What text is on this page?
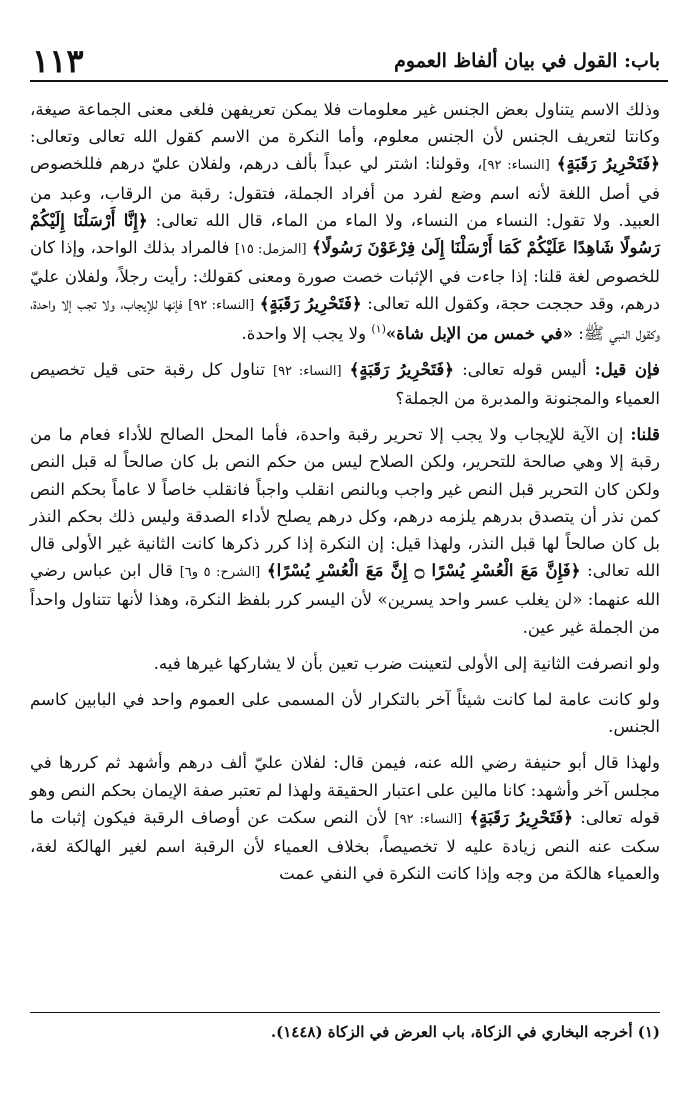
باب: القول في بيان ألفاظ العموم
١١٣

وذلك الاسم يتناول بعض الجنس غير معلومات فلا يمكن تعريفهن فلغى معنى الجماعة صيغة، وكانتا لتعريف الجنس لأن الجنس معلوم، وأما النكرة من الاسم كقول الله تعالى وتعالى: ﴿فَتَحْرِيرُ رَقَبَةٍ﴾ [النساء: ٩٢]، وقولنا: اشتر لي عبداً بألف درهم، ولفلان عليّ درهم فللخصوص في أصل اللغة لأنه اسم وضع لفرد من أفراد الجملة، فتقول: رقبة من الرقاب، وعبد من العبيد. ولا تقول: النساء من النساء، ولا الماء من الماء، قال الله تعالى: ﴿إِنَّا أَرْسَلْنَا إِلَيْكُمْ رَسُولًا شَاهِدًا عَلَيْكُمْ كَمَا أَرْسَلْنَا إِلَىٰ فِرْعَوْنَ رَسُولًا﴾ [المزمل: ١٥] فالمراد بذلك الواحد، وإذا كان للخصوص لغة قلنا: إذا جاءت في الإثبات خصت صورة ومعنى كقولك: رأيت رجلاً، ولفلان عليّ درهم، وقد حججت حجة، وكقول الله تعالى: ﴿فَتَحْرِيرُ رَقَبَةٍ﴾ [النساء: ٩٢] فإنها للإيجاب، ولا تجب إلا واحدة، وكقول النبي ﷺ: «في خمس من الإبل شاة»$^{(١)}$ ولا يجب إلا واحدة.

فإن قيل: أليس قوله تعالى: ﴿فَتَحْرِيرُ رَقَبَةٍ﴾ [النساء: ٩٢] تناول كل رقبة حتى قيل تخصيص العمياء والمجنونة والمدبرة من الجملة؟

قلنا: إن الآية للإيجاب ولا يجب إلا تحرير رقبة واحدة، فأما المحل الصالح للأداء فعام ما من رقبة إلا وهي صالحة للتحرير، ولكن الصلاح ليس من حكم النص بل كان صالحاً له قبل النص ولكن كان التحرير قبل النص غير واجب وبالنص انقلب واجباً فانقلب خاصاً لا عاماً بحكم النص كمن نذر أن يتصدق بدرهم يلزمه درهم، وكل درهم يصلح لأداء الصدقة وليس ذلك بحكم النذر بل كان صالحاً لها قبل النذر، ولهذا قيل: إن النكرة إذا كرر ذكرها كانت الثانية غير الأولى قال الله تعالى: ﴿فَإِنَّ مَعَ الْعُسْرِ يُسْرًا ۝ إِنَّ مَعَ الْعُسْرِ يُسْرًا﴾ [الشرح: ٥ و٦] قال ابن عباس رضي الله عنهما: «لن يغلب عسر واحد يسرين» لأن اليسر كرر بلفظ النكرة، وهذا لأنها تتناول واحداً من الجملة غير عين.

ولو انصرفت الثانية إلى الأولى لتعينت ضرب تعين بأن لا يشاركها غيرها فيه.

ولو كانت عامة لما كانت شيئاً آخر بالتكرار لأن المسمى على العموم واحد في البابين كاسم الجنس.

ولهذا قال أبو حنيفة رضي الله عنه، فيمن قال: لفلان عليّ ألف درهم وأشهد ثم كررها في مجلس آخر وأشهد: كانا مالين على اعتبار الحقيقة ولهذا لم تعتبر صفة الإيمان بحكم النص وهو قوله تعالى: ﴿فَتَحْرِيرُ رَقَبَةٍ﴾ [النساء: ٩٢] لأن النص سكت عن أوصاف الرقبة فيكون إثبات ما سكت عنه النص زيادة عليه لا تخصيصاً، بخلاف العمياء لأن الرقبة اسم لغير الهالكة لغة، والعمياء هالكة من وجه وإذا كانت النكرة في النفي عمت

(١) أخرجه البخاري في الزكاة، باب العرض في الزكاة (١٤٤٨).
